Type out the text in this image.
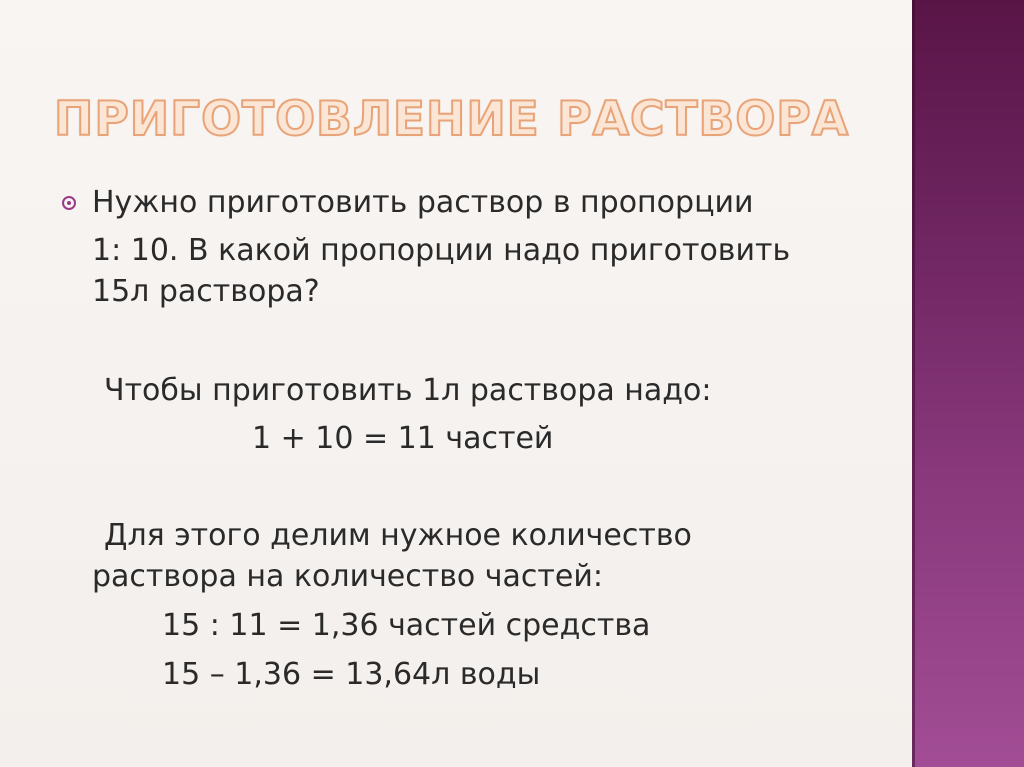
ПРИГОТОВЛЕНИЕ РАСТВОРА
Нужно приготовить раствор в пропорции
1: 10. В какой пропорции надо приготовить
15л раствора?
Чтобы приготовить 1л раствора надо:
1 + 10 = 11 частей
Для этого делим нужное количество
раствора на количество частей:
15 : 11 = 1,36 частей средства
15 – 1,36 = 13,64л воды
